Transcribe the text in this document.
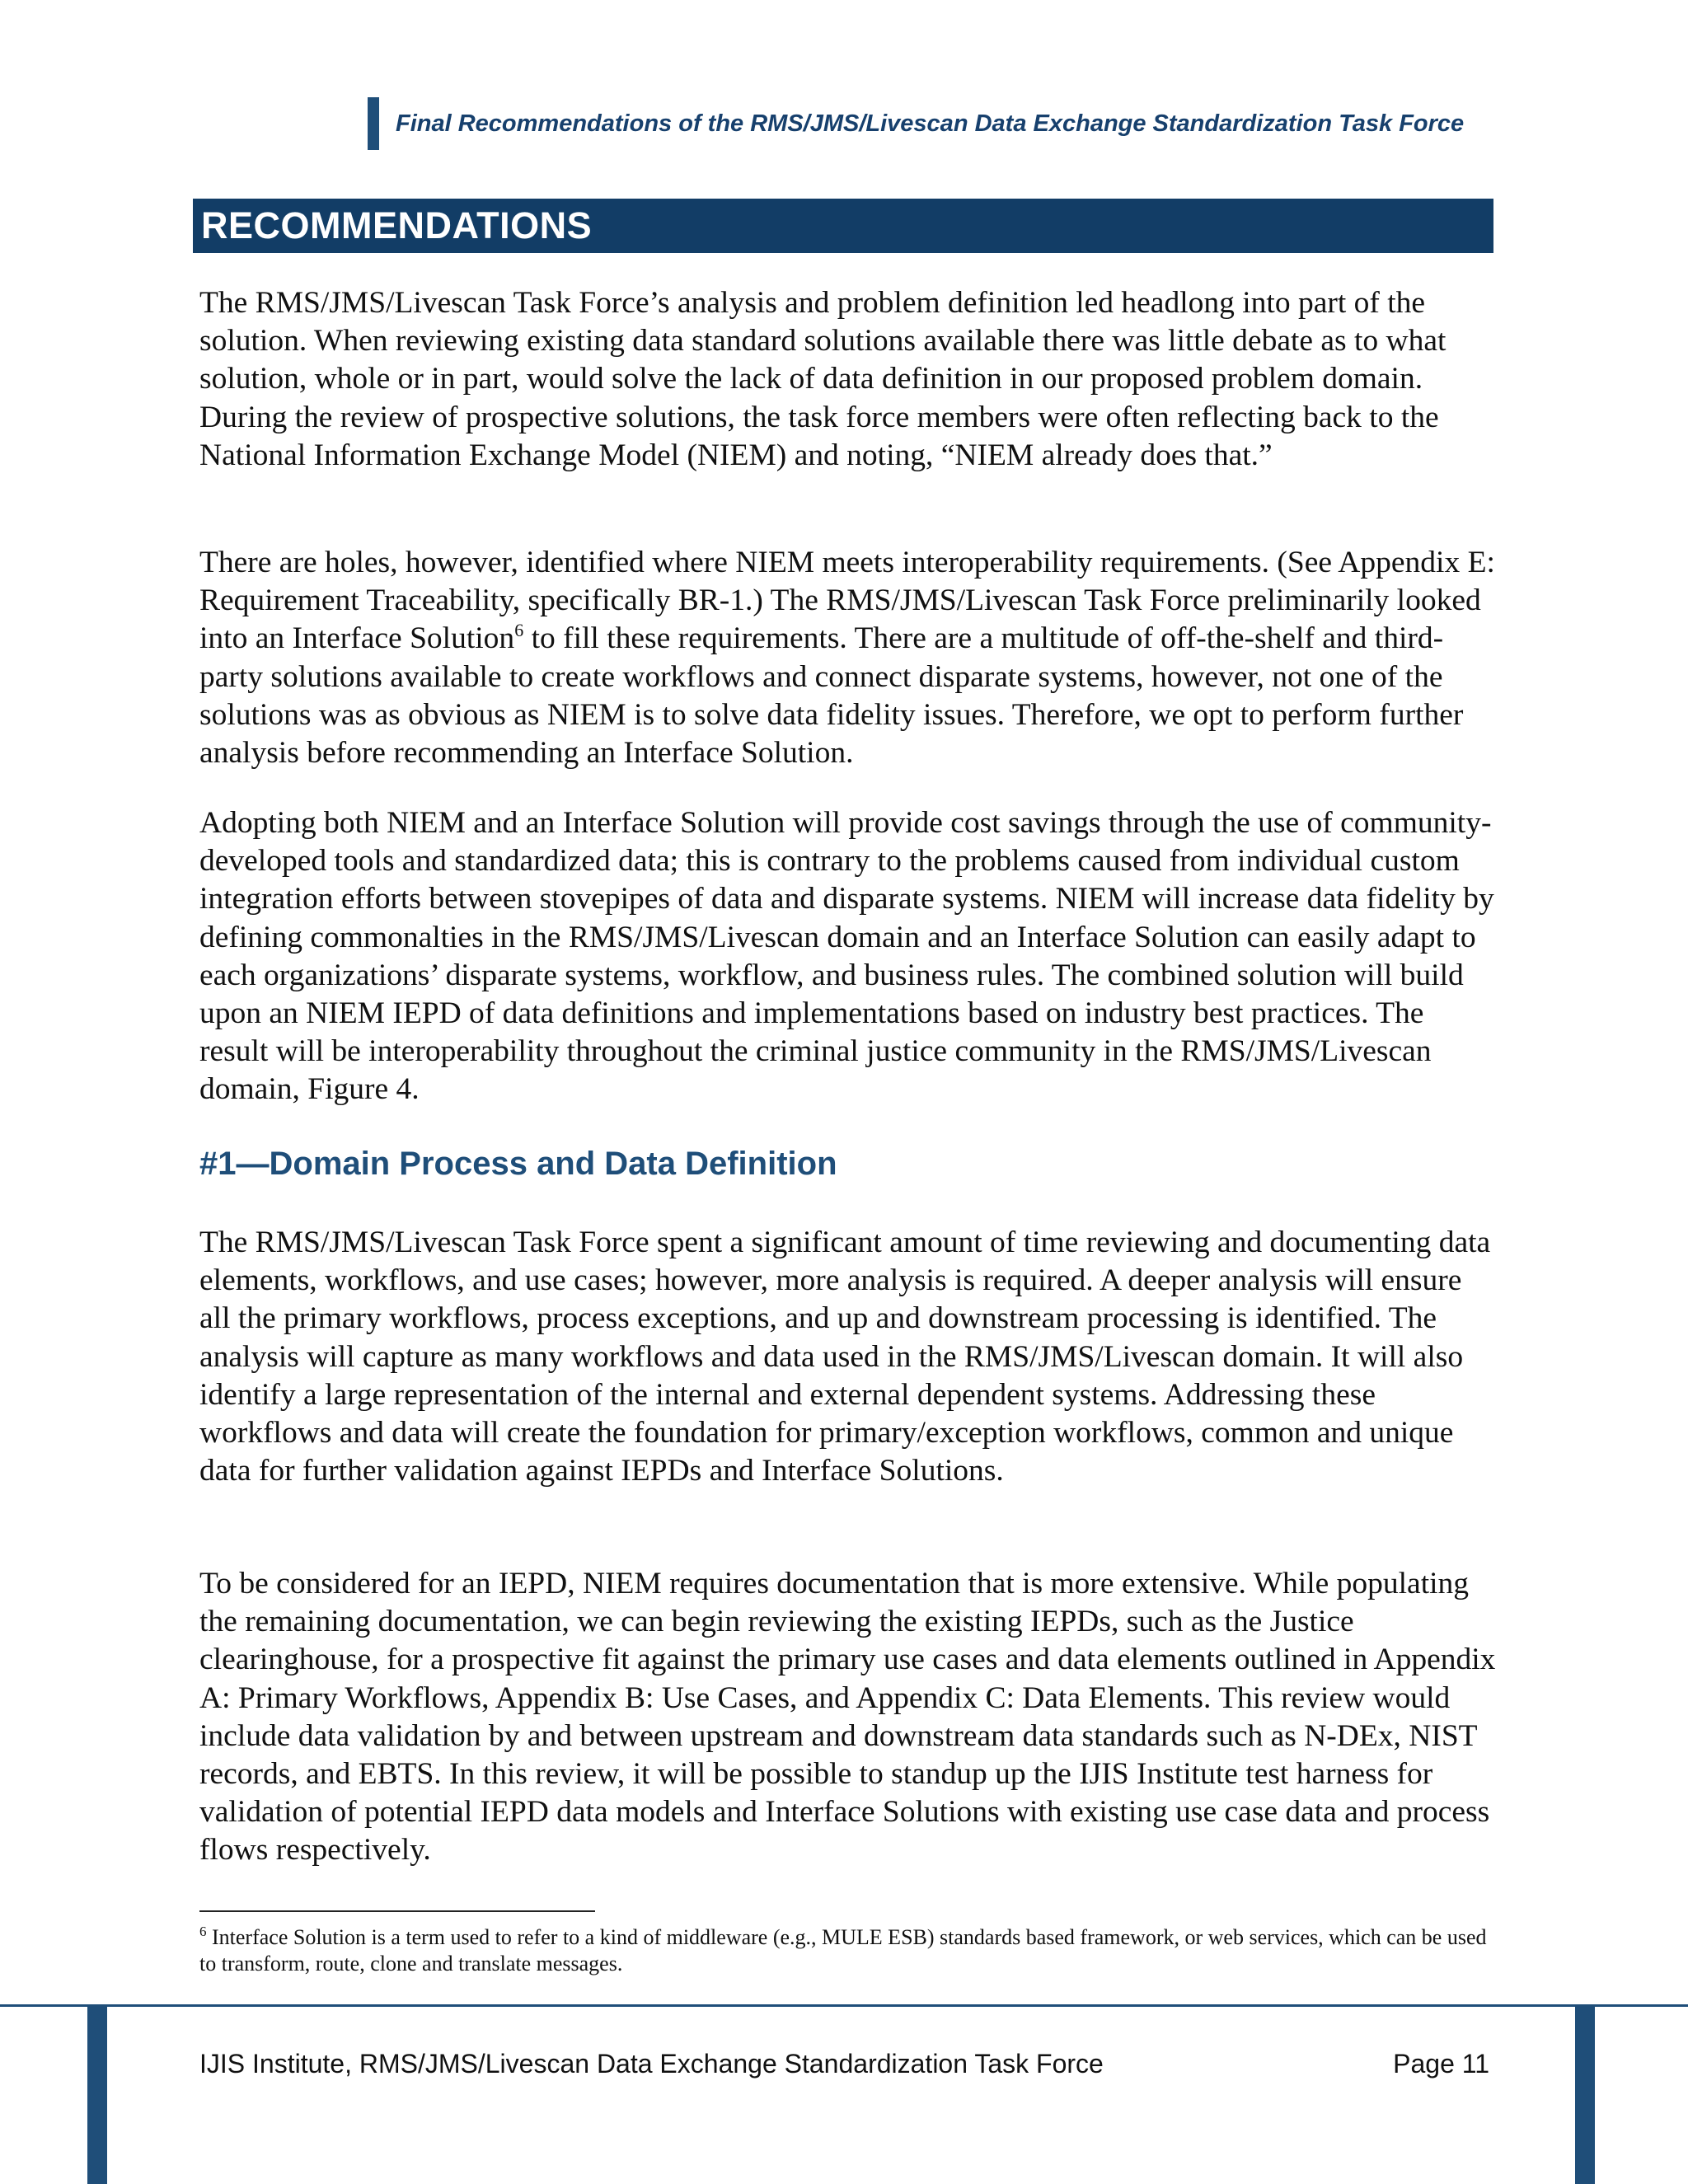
Final Recommendations of the RMS/JMS/Livescan Data Exchange Standardization Task Force
RECOMMENDATIONS

The RMS/JMS/Livescan Task Force’s analysis and problem definition led headlong into part of the solution. When reviewing existing data standard solutions available there was little debate as to what solution, whole or in part, would solve the lack of data definition in our proposed problem domain. During the review of prospective solutions, the task force members were often reflecting back to the National Information Exchange Model (NIEM) and noting, “NIEM already does that.”

There are holes, however, identified where NIEM meets interoperability requirements. (See Appendix E: Requirement Traceability, specifically BR-1.) The RMS/JMS/Livescan Task Force preliminarily looked into an Interface Solution$^6$ to fill these requirements. There are a multitude of off-the-shelf and third-party solutions available to create workflows and connect disparate systems, however, not one of the solutions was as obvious as NIEM is to solve data fidelity issues. Therefore, we opt to perform further analysis before recommending an Interface Solution.

Adopting both NIEM and an Interface Solution will provide cost savings through the use of community-developed tools and standardized data; this is contrary to the problems caused from individual custom integration efforts between stovepipes of data and disparate systems. NIEM will increase data fidelity by defining commonalties in the RMS/JMS/Livescan domain and an Interface Solution can easily adapt to each organizations’ disparate systems, workflow, and business rules. The combined solution will build upon an NIEM IEPD of data definitions and implementations based on industry best practices. The result will be interoperability throughout the criminal justice community in the RMS/JMS/Livescan domain, Figure 4.

#1—Domain Process and Data Definition

The RMS/JMS/Livescan Task Force spent a significant amount of time reviewing and documenting data elements, workflows, and use cases; however, more analysis is required. A deeper analysis will ensure all the primary workflows, process exceptions, and up and downstream processing is identified. The analysis will capture as many workflows and data used in the RMS/JMS/Livescan domain. It will also identify a large representation of the internal and external dependent systems. Addressing these workflows and data will create the foundation for primary/exception workflows, common and unique data for further validation against IEPDs and Interface Solutions.

To be considered for an IEPD, NIEM requires documentation that is more extensive. While populating the remaining documentation, we can begin reviewing the existing IEPDs, such as the Justice clearinghouse, for a prospective fit against the primary use cases and data elements outlined in Appendix A: Primary Workflows, Appendix B: Use Cases, and Appendix C: Data Elements. This review would include data validation by and between upstream and downstream data standards such as N-DEx, NIST records, and EBTS. In this review, it will be possible to standup up the IJIS Institute test harness for validation of potential IEPD data models and Interface Solutions with existing use case data and process flows respectively.

$^6$ Interface Solution is a term used to refer to a kind of middleware (e.g., MULE ESB) standards based framework, or web services, which can be used to transform, route, clone and translate messages.

IJIS Institute, RMS/JMS/Livescan Data Exchange Standardization Task Force	Page 11
